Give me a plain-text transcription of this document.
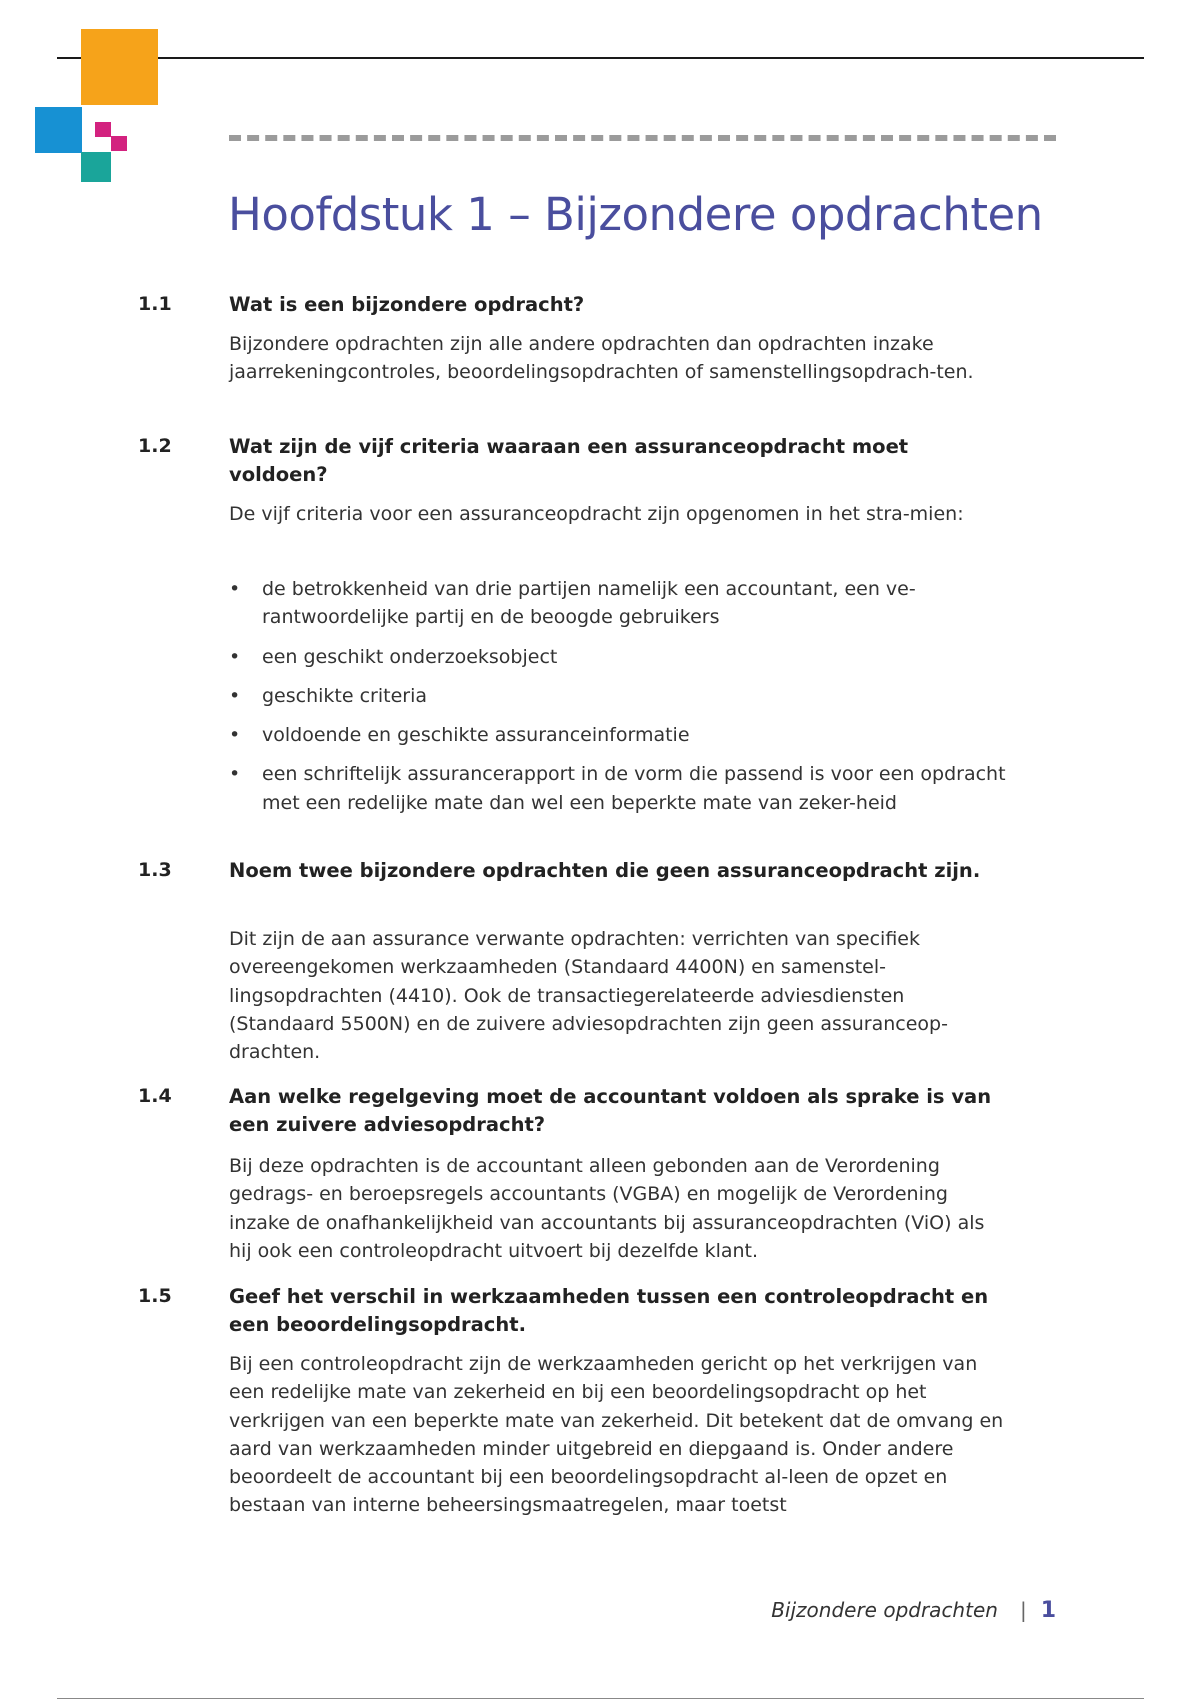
Hoofdstuk 1 – Bijzondere opdrachten
1.1	Wat is een bijzondere opdracht?

Bijzondere opdrachten zijn alle andere opdrachten dan opdrachten inzake jaarrekeningcontroles, beoordelingsopdrachten of samenstellingsopdrach-ten.

1.2	Wat zijn de vijf criteria waaraan een assuranceopdracht moet voldoen?

De vijf criteria voor een assuranceopdracht zijn opgenomen in het stra-mien:

• de betrokkenheid van drie partijen namelijk een accountant, een ve-rantwoordelijke partij en de beoogde gebruikers
• een geschikt onderzoeksobject
• geschikte criteria
• voldoende en geschikte assuranceinformatie
• een schriftelijk assurancerapport in de vorm die passend is voor een opdracht met een redelijke mate dan wel een beperkte mate van zeker-heid
1.3	Noem twee bijzondere opdrachten die geen assuranceopdracht zijn.

Dit zijn de aan assurance verwante opdrachten: verrichten van specifiek overeengekomen werkzaamheden (Standaard 4400N) en samenstel-lingsopdrachten (4410). Ook de transactiegerelateerde adviesdiensten (Standaard 5500N) en de zuivere adviesopdrachten zijn geen assuranceop-drachten.

1.4	Aan welke regelgeving moet de accountant voldoen als sprake is van een zuivere adviesopdracht?

Bij deze opdrachten is de accountant alleen gebonden aan de Verordening gedrags- en beroepsregels accountants (VGBA) en mogelijk de Verordening inzake de onafhankelijkheid van accountants bij assuranceopdrachten (ViO) als hij ook een controleopdracht uitvoert bij dezelfde klant.

1.5	Geef het verschil in werkzaamheden tussen een controleopdracht en een beoordelingsopdracht.

Bij een controleopdracht zijn de werkzaamheden gericht op het verkrijgen van een redelijke mate van zekerheid en bij een beoordelingsopdracht op het verkrijgen van een beperkte mate van zekerheid. Dit betekent dat de omvang en aard van werkzaamheden minder uitgebreid en diepgaand is. Onder andere beoordeelt de accountant bij een beoordelingsopdracht al-leen de opzet en bestaan van interne beheersingsmaatregelen, maar toetst

Bijzondere opdrachten | 1
